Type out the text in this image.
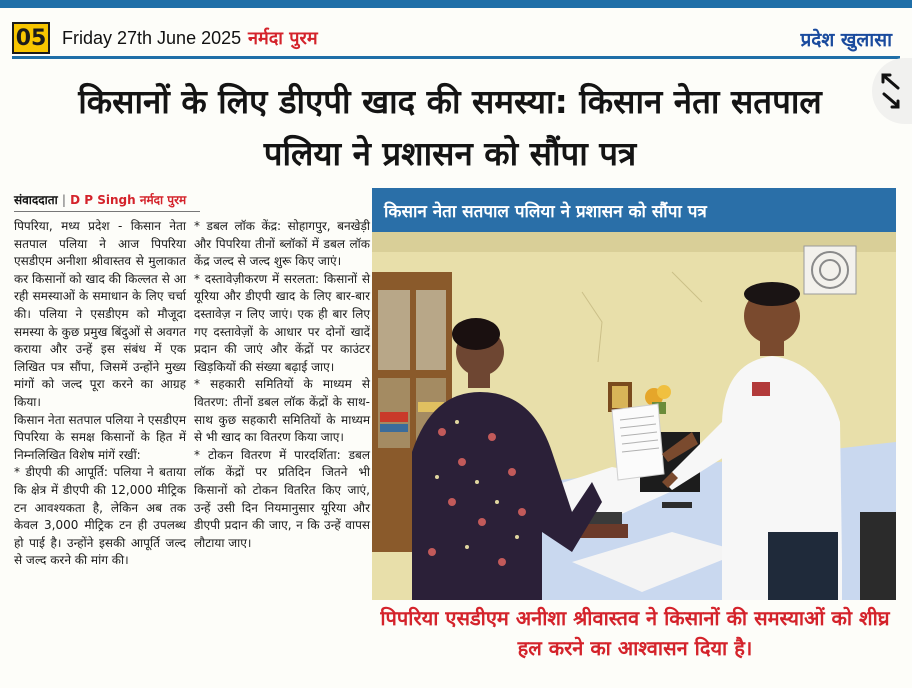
05 Friday 27th June 2025 नर्मदा पुरम	प्रदेश खुलासा
किसानों के लिए डीएपी खाद की समस्या: किसान नेता सतपाल
पलिया ने प्रशासन को सौंपा पत्र
संवाददाता | D P Singh नर्मदा पुरम

पिपरिया, मध्य प्रदेश - किसान नेता सतपाल पलिया ने आज पिपरिया एसडीएम अनीशा श्रीवास्तव से मुलाकात कर किसानों को खाद की किल्लत से आ रही समस्याओं के समाधान के लिए चर्चा की। पलिया ने एसडीएम को मौजूदा समस्या के कुछ प्रमुख बिंदुओं से अवगत कराया और उन्हें इस संबंध में एक लिखित पत्र सौंपा, जिसमें उन्होंने मुख्य मांगों को जल्द पूरा करने का आग्रह किया।

किसान नेता सतपाल पलिया ने एसडीएम पिपरिया के समक्ष किसानों के हित में निम्नलिखित विशेष मांगें रखीं:

* डीएपी की आपूर्ति: पलिया ने बताया कि क्षेत्र में डीएपी की 12,000 मीट्रिक टन आवश्यकता है, लेकिन अब तक केवल 3,000 मीट्रिक टन ही उपलब्ध हो पाई है। उन्होंने इसकी आपूर्ति जल्द से जल्द करने की मांग की।

* डबल लॉक केंद्र: सोहागपुर, बनखेड़ी और पिपरिया तीनों ब्लॉकों में डबल लॉक केंद्र जल्द से जल्द शुरू किए जाएं।

* दस्तावेज़ीकरण में सरलता: किसानों से यूरिया और डीएपी खाद के लिए बार-बार दस्तावेज़ न लिए जाएं। एक ही बार लिए गए दस्तावेज़ों के आधार पर दोनों खादें प्रदान की जाएं और केंद्रों पर काउंटर खिड़कियों की संख्या बढ़ाई जाए।

* सहकारी समितियों के माध्यम से वितरण: तीनों डबल लॉक केंद्रों के साथ-साथ कुछ सहकारी समितियों के माध्यम से भी खाद का वितरण किया जाए।

* टोकन वितरण में पारदर्शिता: डबल लॉक केंद्रों पर प्रतिदिन जितने भी किसानों को टोकन वितरित किए जाएं, उन्हें उसी दिन नियमानुसार यूरिया और डीएपी प्रदान की जाए, न कि उन्हें वापस लौटाया जाए।

किसान नेता सतपाल पलिया ने प्रशासन को सौंपा पत्र
पिपरिया एसडीएम अनीशा श्रीवास्तव ने किसानों की समस्याओं को शीघ्र हल करने का आश्वासन दिया है।
